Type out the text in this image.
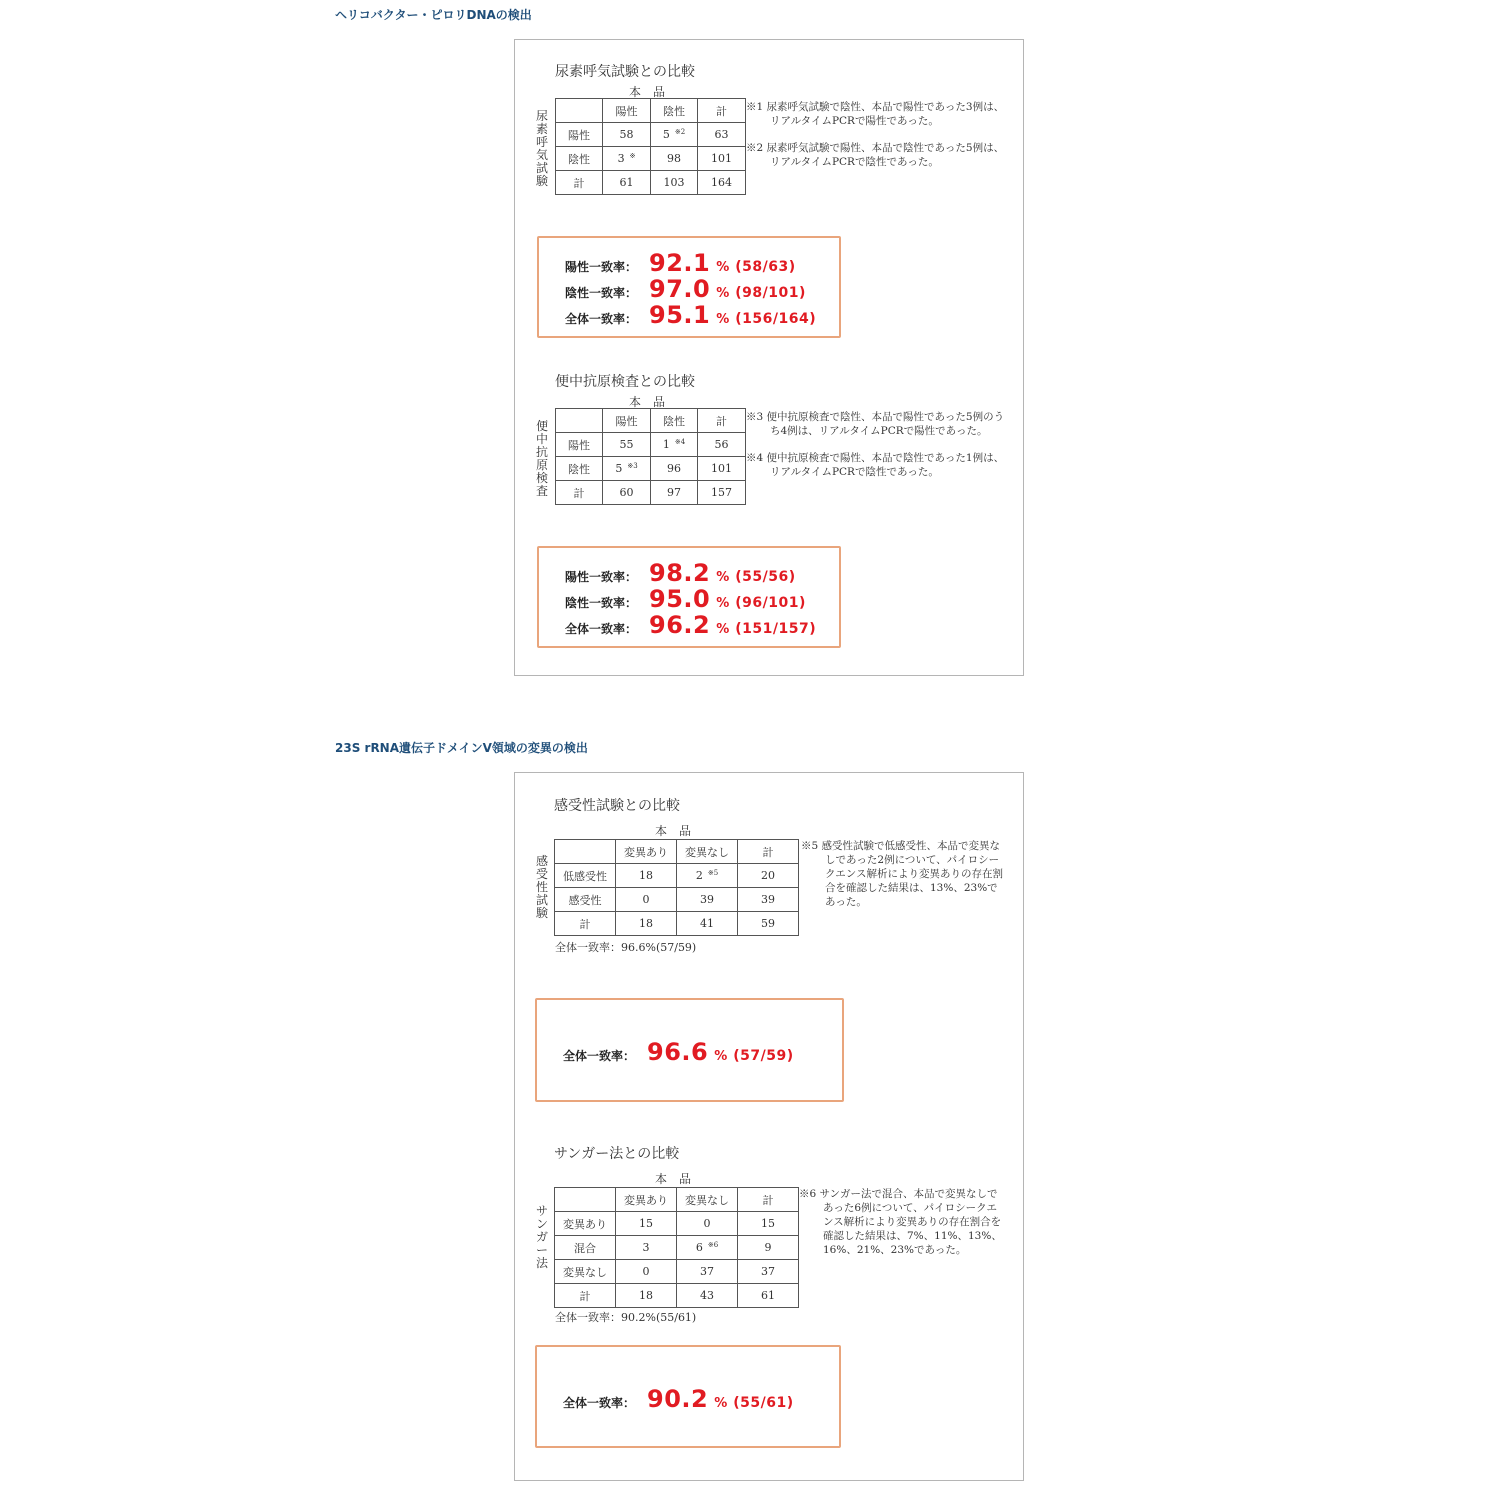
ヘリコバクター・ピロリDNAの検出
尿素呼気試験との比較
本　品
尿素呼気試験
	陽性	陰性	計
陽性	58	5 $^{※2}$	63
陰性	3 ※	98	101
計	61	103	164

※1 尿素呼気試験で陰性、本品で陽性であった3例は、リアルタイムPCRで陽性であった。

※2 尿素呼気試験で陽性、本品で陰性であった5例は、リアルタイムPCRで陰性であった。

陽性一致率： 92.1 % (58/63)
陰性一致率： 97.0 % (98/101)
全体一致率： 95.1 % (156/164)
便中抗原検査との比較
本　品
便中抗原検査
	陽性	陰性	計
陽性	55	1 $^{※4}$	56
陰性	5 $^{※3}$	96	101
計	60	97	157

※3 便中抗原検査で陰性、本品で陽性であった5例のうち4例は、リアルタイムPCRで陽性であった。

※4 便中抗原検査で陽性、本品で陰性であった1例は、リアルタイムPCRで陰性であった。

陽性一致率： 98.2 % (55/56)
陰性一致率： 95.0 % (96/101)
全体一致率： 96.2 % (151/157)
23S rRNA遺伝子ドメインV領域の変異の検出
感受性試験との比較
本　品
感受性試験
	変異あり	変異なし	計
低感受性	18	2 $^{※5}$	20
感受性	0	39	39
計	18	41	59
全体一致率：96.6%(57/59)

※5 感受性試験で低感受性、本品で変異なしであった2例について、パイロシークエンス解析により変異ありの存在割合を確認した結果は、13%、23%であった。

全体一致率： 96.6 % (57/59)
サンガー法との比較
本　品
サンガー法
	変異あり	変異なし	計
変異あり	15	0	15
混合	3	6 $^{※6}$	9
変異なし	0	37	37
計	18	43	61
全体一致率：90.2%(55/61)

※6 サンガー法で混合、本品で変異なしであった6例について、パイロシークエンス解析により変異ありの存在割合を確認した結果は、7%、11%、13%、16%、21%、23%であった。

全体一致率： 90.2 % (55/61)
